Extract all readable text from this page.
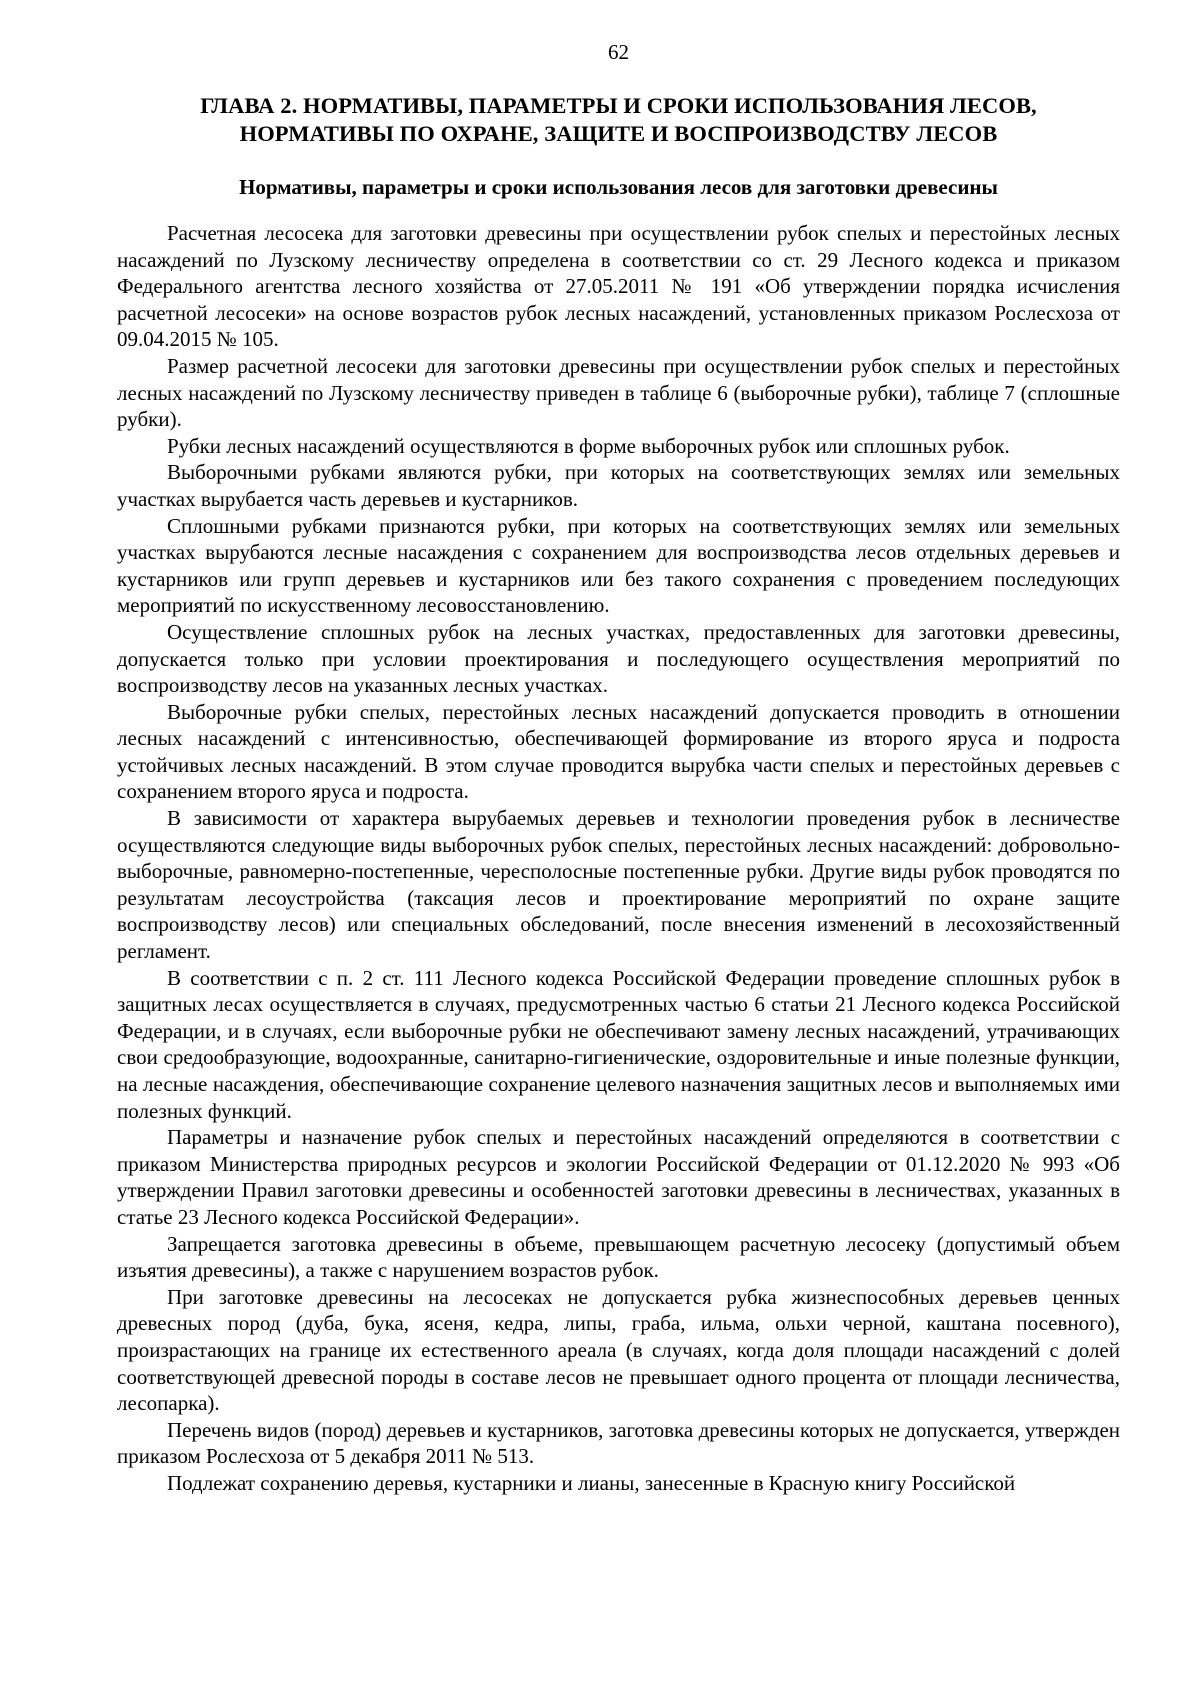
62
ГЛАВА 2. НОРМАТИВЫ, ПАРАМЕТРЫ И СРОКИ ИСПОЛЬЗОВАНИЯ ЛЕСОВ,
НОРМАТИВЫ ПО ОХРАНЕ, ЗАЩИТЕ И ВОСПРОИЗВОДСТВУ ЛЕСОВ
Нормативы, параметры и сроки использования лесов для заготовки древесины

Расчетная лесосека для заготовки древесины при осуществлении рубок спелых и перестойных лесных насаждений по Лузскому лесничеству определена в соответствии со ст. 29 Лесного кодекса и приказом Федерального агентства лесного хозяйства от 27.05.2011 № 191 «Об утверждении порядка исчисления расчетной лесосеки» на основе возрастов рубок лесных насаждений, установленных приказом Рослесхоза от 09.04.2015 № 105.

Размер расчетной лесосеки для заготовки древесины при осуществлении рубок спелых и перестойных лесных насаждений по Лузскому лесничеству приведен в таблице 6 (выборочные рубки), таблице 7 (сплошные рубки).

Рубки лесных насаждений осуществляются в форме выборочных рубок или сплошных рубок.

Выборочными рубками являются рубки, при которых на соответствующих землях или земельных участках вырубается часть деревьев и кустарников.

Сплошными рубками признаются рубки, при которых на соответствующих землях или земельных участках вырубаются лесные насаждения с сохранением для воспроизводства лесов отдельных деревьев и кустарников или групп деревьев и кустарников или без такого сохранения с проведением последующих мероприятий по искусственному лесовосстановлению.

Осуществление сплошных рубок на лесных участках, предоставленных для заготовки древесины, допускается только при условии проектирования и последующего осуществления мероприятий по воспроизводству лесов на указанных лесных участках.

Выборочные рубки спелых, перестойных лесных насаждений допускается проводить в отношении лесных насаждений с интенсивностью, обеспечивающей формирование из второго яруса и подроста устойчивых лесных насаждений. В этом случае проводится вырубка части спелых и перестойных деревьев с сохранением второго яруса и подроста.

В зависимости от характера вырубаемых деревьев и технологии проведения рубок в лесничестве осуществляются следующие виды выборочных рубок спелых, перестойных лесных насаждений: добровольно-выборочные, равномерно-постепенные, чересполосные постепенные рубки. Другие виды рубок проводятся по результатам лесоустройства (таксация лесов и проектирование мероприятий по охране защите воспроизводству лесов) или специальных обследований, после внесения изменений в лесохозяйственный регламент.

В соответствии с п. 2 ст. 111 Лесного кодекса Российской Федерации проведение сплошных рубок в защитных лесах осуществляется в случаях, предусмотренных частью 6 статьи 21 Лесного кодекса Российской Федерации, и в случаях, если выборочные рубки не обеспечивают замену лесных насаждений, утрачивающих свои средообразующие, водоохранные, санитарно-гигиенические, оздоровительные и иные полезные функции, на лесные насаждения, обеспечивающие сохранение целевого назначения защитных лесов и выполняемых ими полезных функций.

Параметры и назначение рубок спелых и перестойных насаждений определяются в соответствии с приказом Министерства природных ресурсов и экологии Российской Федерации от 01.12.2020 № 993 «Об утверждении Правил заготовки древесины и особенностей заготовки древесины в лесничествах, указанных в статье 23 Лесного кодекса Российской Федерации».

Запрещается заготовка древесины в объеме, превышающем расчетную лесосеку (допустимый объем изъятия древесины), а также с нарушением возрастов рубок.

При заготовке древесины на лесосеках не допускается рубка жизнеспособных деревьев ценных древесных пород (дуба, бука, ясеня, кедра, липы, граба, ильма, ольхи черной, каштана посевного), произрастающих на границе их естественного ареала (в случаях, когда доля площади насаждений с долей соответствующей древесной породы в составе лесов не превышает одного процента от площади лесничества, лесопарка).

Перечень видов (пород) деревьев и кустарников, заготовка древесины которых не допускается, утвержден приказом Рослесхоза от 5 декабря 2011 № 513.

Подлежат сохранению деревья, кустарники и лианы, занесенные в Красную книгу Российской
